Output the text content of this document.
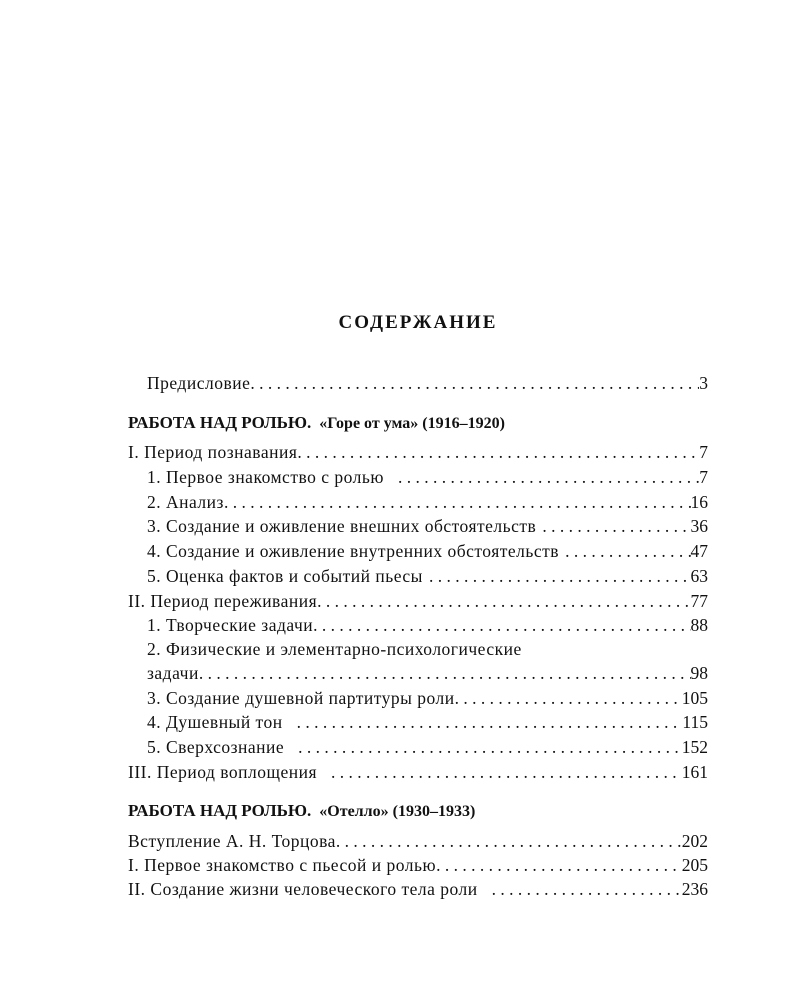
СОДЕРЖАНИЕ
Предисловие . . .	3
РАБОТА НАД РОЛЬЮ. «Горе от ума» (1916–1920)
I. Период познавания . . .	7
1. Первое знакомство с ролью . . .	7
2. Анализ . . .	16
3. Создание и оживление внешних обстоятельств . . .	36
4. Создание и оживление внутренних обстоятельств . . .	47
5. Оценка фактов и событий пьесы . . .	63
II. Период переживания . . .	77
1. Творческие задачи . . .	88
2. Физические и элементарно-психологические
задачи . . .	98
3. Создание душевной партитуры роли . . .	105
4. Душевный тон . . .	115
5. Сверхсознание . . .	152
III. Период воплощения . . .	161
РАБОТА НАД РОЛЬЮ. «Отелло» (1930–1933)
Вступление А. Н. Торцова . . .	202
I. Первое знакомство с пьесой и ролью . . .	205
II. Создание жизни человеческого тела роли . . .	236
